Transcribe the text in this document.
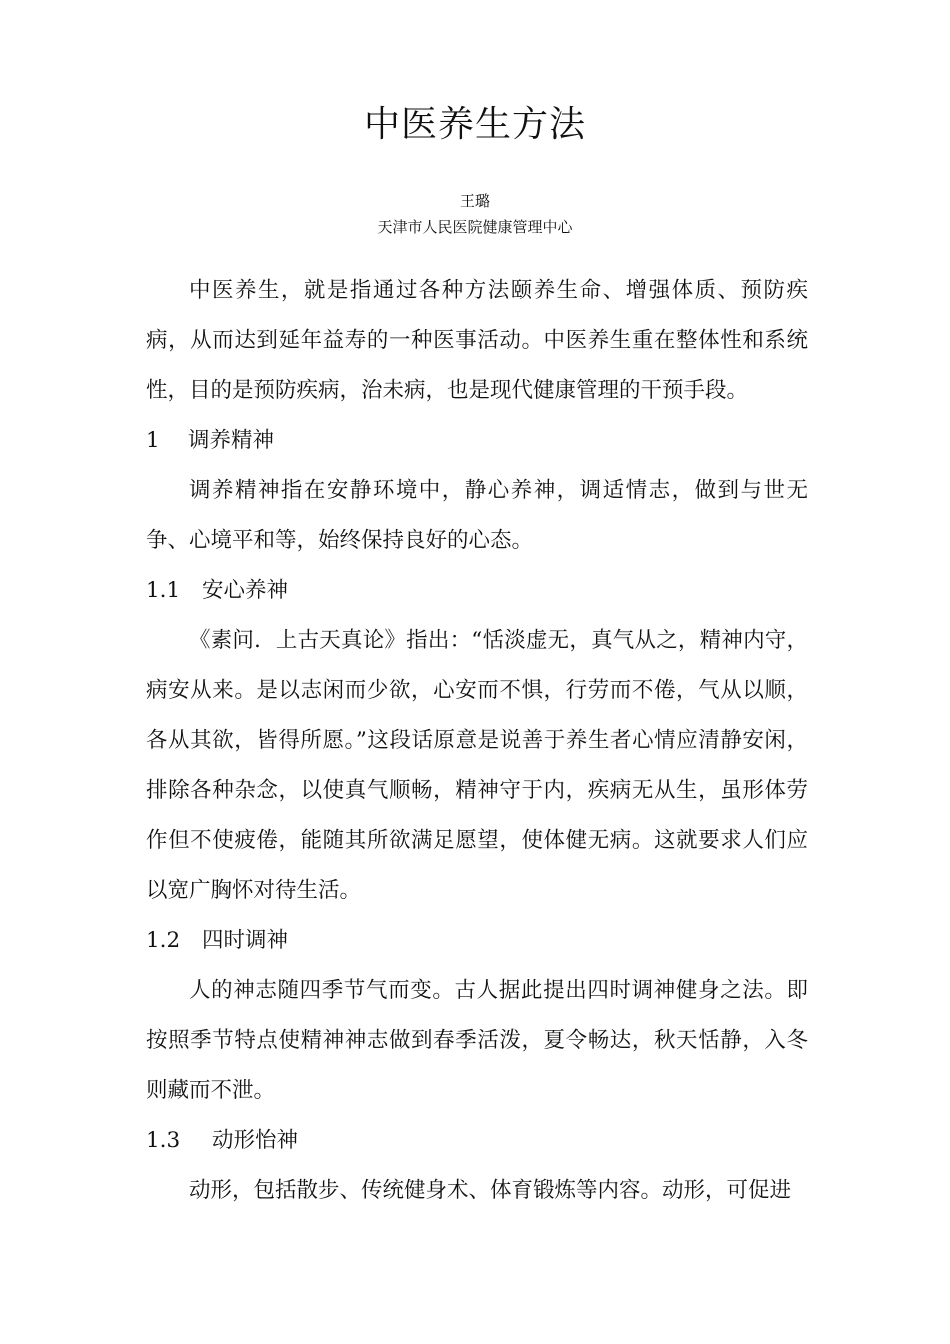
中医养生方法
王璐
天津市人民医院健康管理中心

中医养生，就是指通过各种方法颐养生命、增强体质、预防疾病，从而达到延年益寿的一种医事活动。中医养生重在整体性和系统性，目的是预防疾病，治未病，也是现代健康管理的干预手段。

1 调养精神

调养精神指在安静环境中，静心养神，调适情志，做到与世无争、心境平和等，始终保持良好的心态。

1.1 安心养神

《素问．上古天真论》指出：“恬淡虚无，真气从之，精神内守，病安从来。是以志闲而少欲，心安而不惧，行劳而不倦，气从以顺，各从其欲，皆得所愿。”这段话原意是说善于养生者心情应清静安闲，排除各种杂念，以使真气顺畅，精神守于内，疾病无从生，虽形体劳作但不使疲倦，能随其所欲满足愿望，使体健无病。这就要求人们应以宽广胸怀对待生活。

1.2 四时调神

人的神志随四季节气而变。古人据此提出四时调神健身之法。即按照季节特点使精神神志做到春季活泼，夏令畅达，秋天恬静，入冬则藏而不泄。

1.3 动形怡神

动形，包括散步、传统健身术、体育锻炼等内容。动形，可促进
